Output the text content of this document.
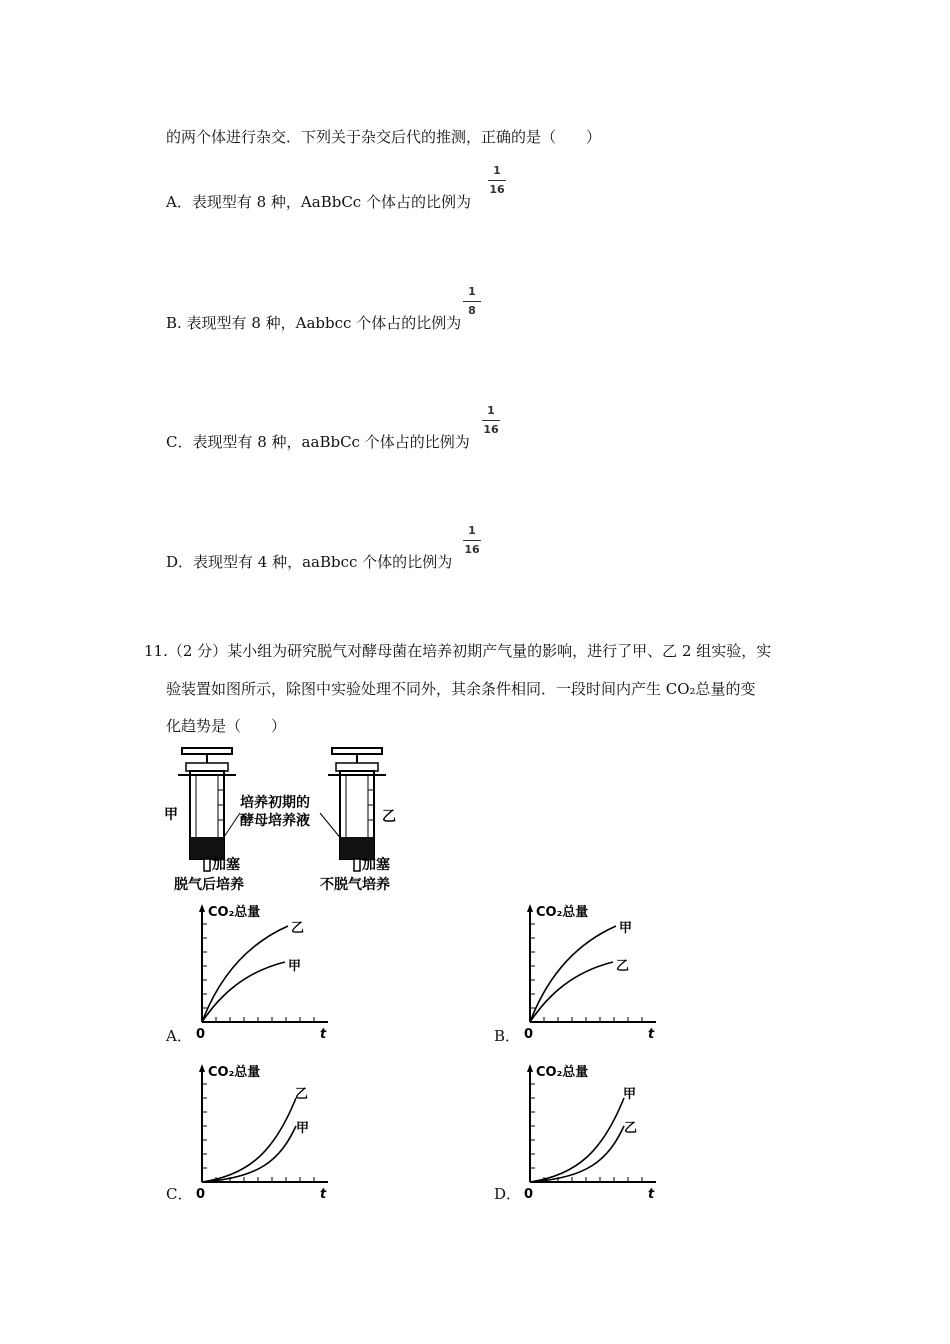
的两个体进行杂交．下列关于杂交后代的推测，正确的是（　　）
A．表现型有 8 种，AaBbCc 个体占的比例为
1
16
B. 表现型有 8 种，Aabbcc 个体占的比例为
1
8
C．表现型有 8 种，aaBbCc 个体占的比例为
1
16
D．表现型有 4 种，aaBbcc 个体的比例为
1
16
11.（2 分）某小组为研究脱气对酵母菌在培养初期产气量的影响，进行了甲、乙 2 组实验，实
验装置如图所示，除图中实验处理不同外，其余条件相同．一段时间内产生 CO₂总量的变
化趋势是（　　）
甲	乙
培养初期的
酵母培养液
加塞	加塞
脱气后培养	不脱气培养
A．	B．
C．	D．
CO₂总量
0	t
乙
甲
CO₂总量
0	t
甲
乙
CO₂总量
0	t
乙
甲
CO₂总量
0	t
甲
乙
